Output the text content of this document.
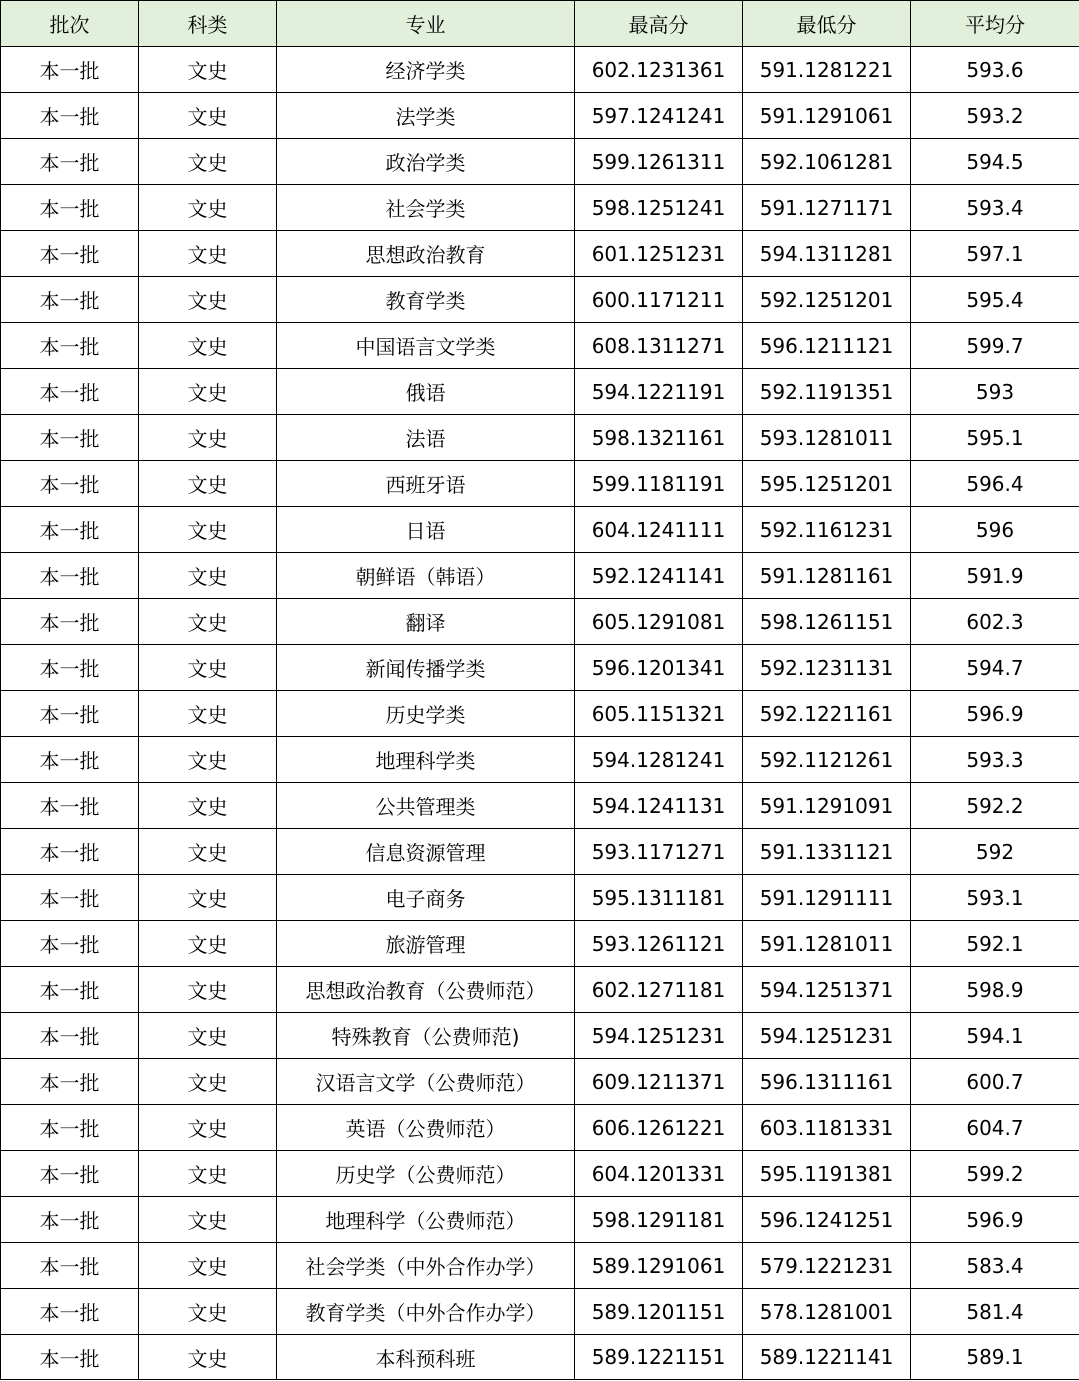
批次	科类	专业	最高分	最低分	平均分
本一批	文史	经济学类	602.1231361	591.1281221	593.6
本一批	文史	法学类	597.1241241	591.1291061	593.2
本一批	文史	政治学类	599.1261311	592.1061281	594.5
本一批	文史	社会学类	598.1251241	591.1271171	593.4
本一批	文史	思想政治教育	601.1251231	594.1311281	597.1
本一批	文史	教育学类	600.1171211	592.1251201	595.4
本一批	文史	中国语言文学类	608.1311271	596.1211121	599.7
本一批	文史	俄语	594.1221191	592.1191351	593
本一批	文史	法语	598.1321161	593.1281011	595.1
本一批	文史	西班牙语	599.1181191	595.1251201	596.4
本一批	文史	日语	604.1241111	592.1161231	596
本一批	文史	朝鲜语（韩语）	592.1241141	591.1281161	591.9
本一批	文史	翻译	605.1291081	598.1261151	602.3
本一批	文史	新闻传播学类	596.1201341	592.1231131	594.7
本一批	文史	历史学类	605.1151321	592.1221161	596.9
本一批	文史	地理科学类	594.1281241	592.1121261	593.3
本一批	文史	公共管理类	594.1241131	591.1291091	592.2
本一批	文史	信息资源管理	593.1171271	591.1331121	592
本一批	文史	电子商务	595.1311181	591.1291111	593.1
本一批	文史	旅游管理	593.1261121	591.1281011	592.1
本一批	文史	思想政治教育（公费师范）	602.1271181	594.1251371	598.9
本一批	文史	特殊教育（公费师范)	594.1251231	594.1251231	594.1
本一批	文史	汉语言文学（公费师范）	609.1211371	596.1311161	600.7
本一批	文史	英语（公费师范）	606.1261221	603.1181331	604.7
本一批	文史	历史学（公费师范）	604.1201331	595.1191381	599.2
本一批	文史	地理科学（公费师范）	598.1291181	596.1241251	596.9
本一批	文史	社会学类（中外合作办学）	589.1291061	579.1221231	583.4
本一批	文史	教育学类（中外合作办学）	589.1201151	578.1281001	581.4
本一批	文史	本科预科班	589.1221151	589.1221141	589.1
